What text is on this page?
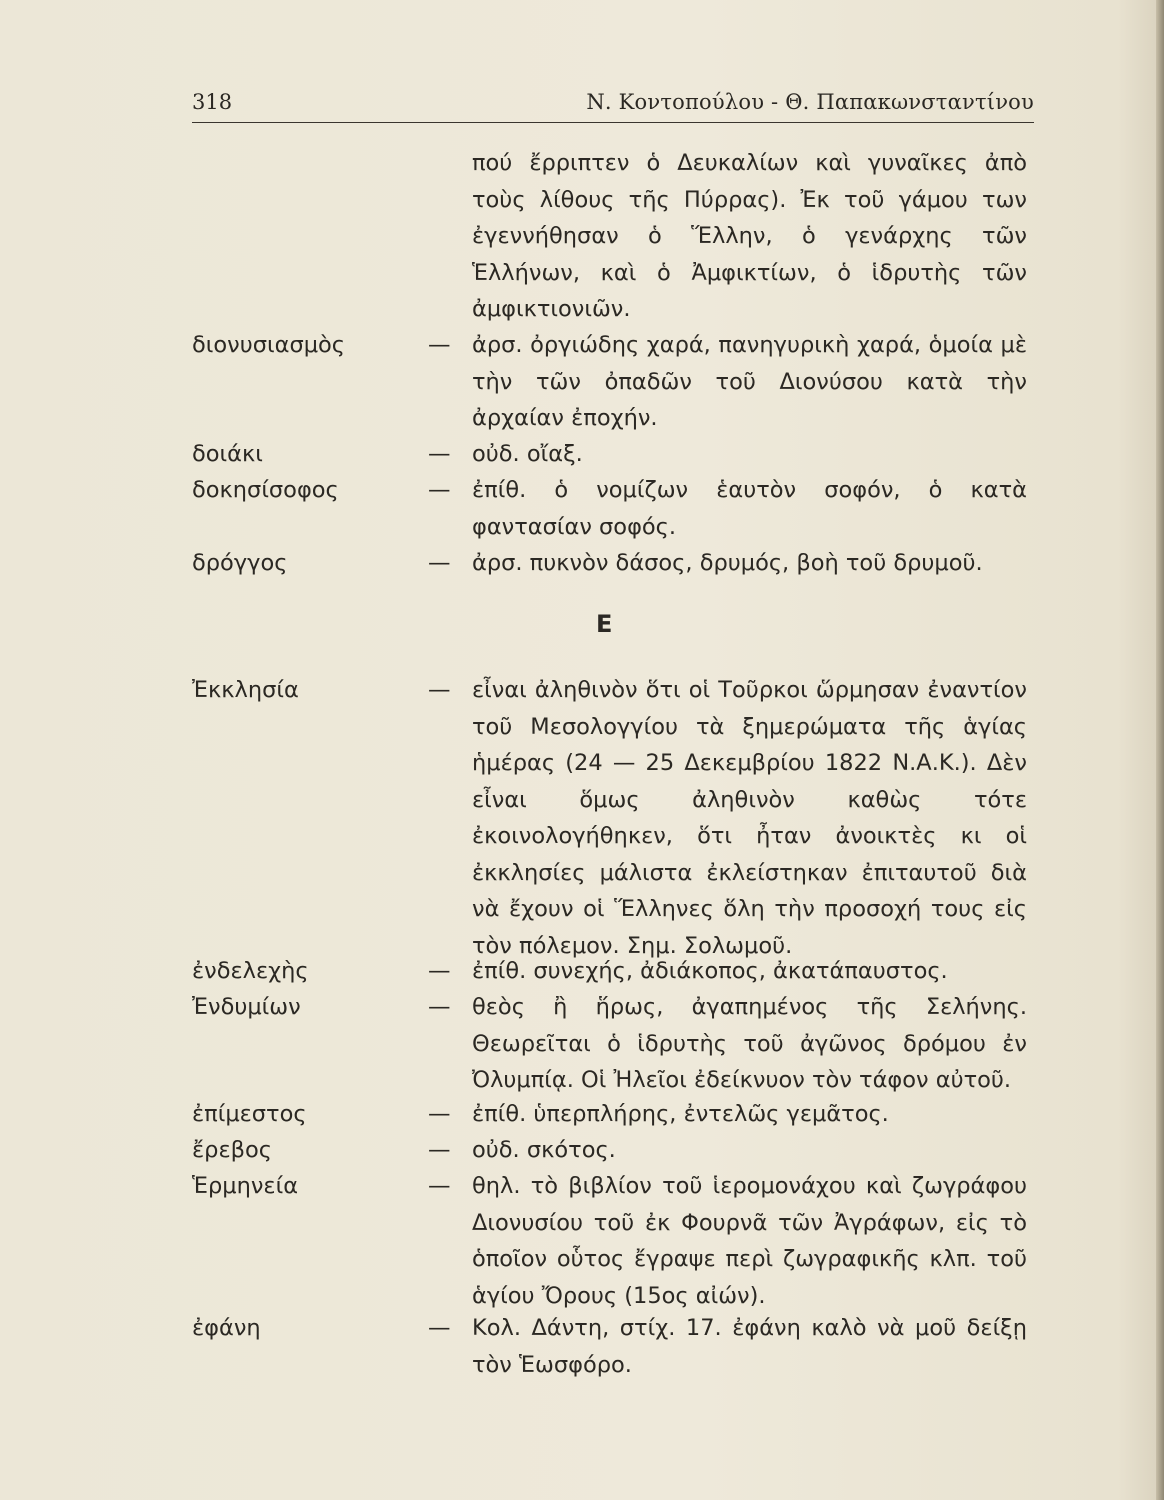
318	Ν. Κοντοπούλου - Θ. Παπακωνσταντίνου
πού ἔρριπτεν ὁ Δευκαλίων καὶ γυναῖκες ἀπὸ τοὺς λίθους τῆς Πύρρας). Ἐκ τοῦ γάμου των ἐγεννήθησαν ὁ Ἕλλην, ὁ γενάρχης τῶν Ἑλλήνων, καὶ ὁ Ἀμφικτίων, ὁ ἱδρυτὴς τῶν ἀμφικτιονιῶν.
διονυσιασμὸς	— ἀρσ. ὀργιώδης χαρά, πανηγυρικὴ χαρά, ὁμοία μὲ τὴν τῶν ὀπαδῶν τοῦ Διονύσου κατὰ τὴν ἀρχαίαν ἐποχήν.
δοιάκι	— οὐδ. οἴαξ.
δοκησίσοφος	— ἐπίθ. ὁ νομίζων ἑαυτὸν σοφόν, ὁ κατὰ φαντασίαν σοφός.
δρόγγος	— ἀρσ. πυκνὸν δάσος, δρυμός, βοὴ τοῦ δρυμοῦ.
Ε
Ἐκκλησία	— εἶναι ἀληθινὸν ὅτι οἱ Τοῦρκοι ὥρμησαν ἐναντίον τοῦ Μεσολογγίου τὰ ξημερώματα τῆς ἁγίας ἡμέρας (24 — 25 Δεκεμβρίου 1822 Ν.Α.Κ.). Δὲν εἶναι ὅμως ἀληθινὸν καθὼς τότε ἐκοινολογήθηκεν, ὅτι ἦταν ἀνοικτὲς κι οἱ ἐκκλησίες μάλιστα ἐκλείστηκαν ἐπιταυτοῦ διὰ νὰ ἔχουν οἱ Ἕλληνες ὅλη τὴν προσοχή τους εἰς τὸν πόλεμον. Σημ. Σολωμοῦ.
ἐνδελεχὴς	— ἐπίθ. συνεχής, ἀδιάκοπος, ἀκατάπαυστος.
Ἐνδυμίων	— θεὸς ἢ ἥρως, ἀγαπημένος τῆς Σελήνης. Θεωρεῖται ὁ ἱδρυτὴς τοῦ ἀγῶνος δρόμου ἐν Ὀλυμπίᾳ. Οἱ Ἠλεῖοι ἐδείκνυον τὸν τάφον αὐτοῦ.
ἐπίμεστος	— ἐπίθ. ὑπερπλήρης, ἐντελῶς γεμᾶτος.
ἔρεβος	— οὐδ. σκότος.
Ἑρμηνεία	— θηλ. τὸ βιβλίον τοῦ ἱερομονάχου καὶ ζωγράφου Διονυσίου τοῦ ἐκ Φουρνᾶ τῶν Ἀγράφων, εἰς τὸ ὁποῖον οὗτος ἔγραψε περὶ ζωγραφικῆς κλπ. τοῦ ἁγίου Ὄρους (15ος αἰών).
ἐφάνη	— Κολ. Δάντη, στίχ. 17. ἐφάνη καλὸ νὰ μοῦ δείξῃ τὸν Ἑωσφόρο.
